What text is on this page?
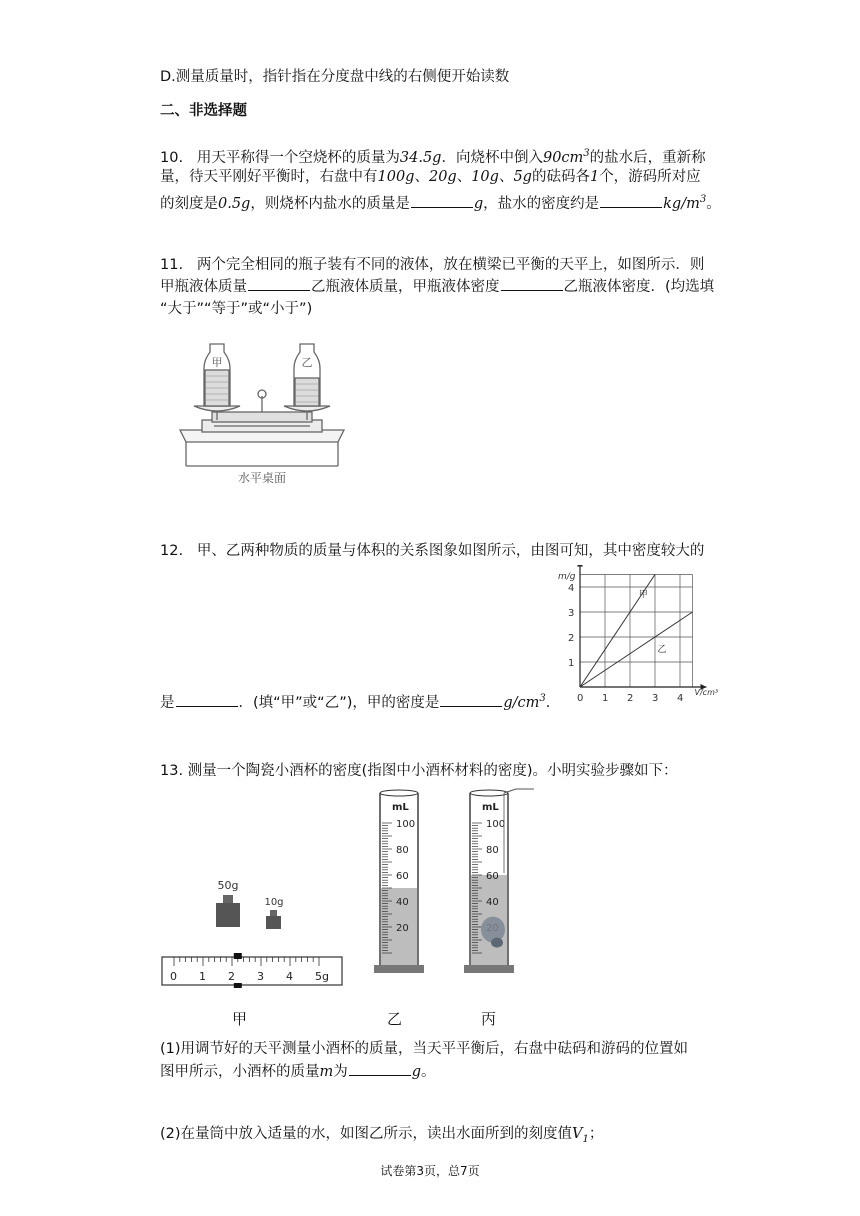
D.测量质量时，指针指在分度盘中线的右侧便开始读数
二、非选择题
10. 用天平称得一个空烧杯的质量为34.5g．向烧杯中倒入$90cm^3$的盐水后，重新称
量，待天平刚好平衡时，右盘中有100g、20g、10g、5g的砝码各1个，游码所对应
的刻度是0.5g，则烧杯内盐水的质量是	g，盐水的密度约是	$kg/m^3$。
11. 两个完全相同的瓶子装有不同的液体，放在横梁已平衡的天平上，如图所示．则
甲瓶液体质量	乙瓶液体质量，甲瓶液体密度	乙瓶液体密度．(均选填
“大于”“等于”或“小于”)
甲	乙
水平桌面
12. 甲、乙两种物质的质量与体积的关系图象如图所示，由图可知，其中密度较大的
是	．(填“甲”或“乙”)，甲的密度是	$g/cm^3$.
甲
乙
0 1 2 3 4
1
2
3
4
m/g
V/cm³
13. 测量一个陶瓷小酒杯的密度(指图中小酒杯材料的密度)。小明实验步骤如下：
50g
10g
0 1 2 3 4 5g
100
80
60
40
20
mL
100
80
60
40
mL
甲	乙	丙
(1)用调节好的天平测量小酒杯的质量，当天平平衡后，右盘中砝码和游码的位置如
图甲所示，小酒杯的质量m为	g。
(2)在量筒中放入适量的水，如图乙所示，读出水面所到的刻度值$V_1$；
试卷第3页，总7页
